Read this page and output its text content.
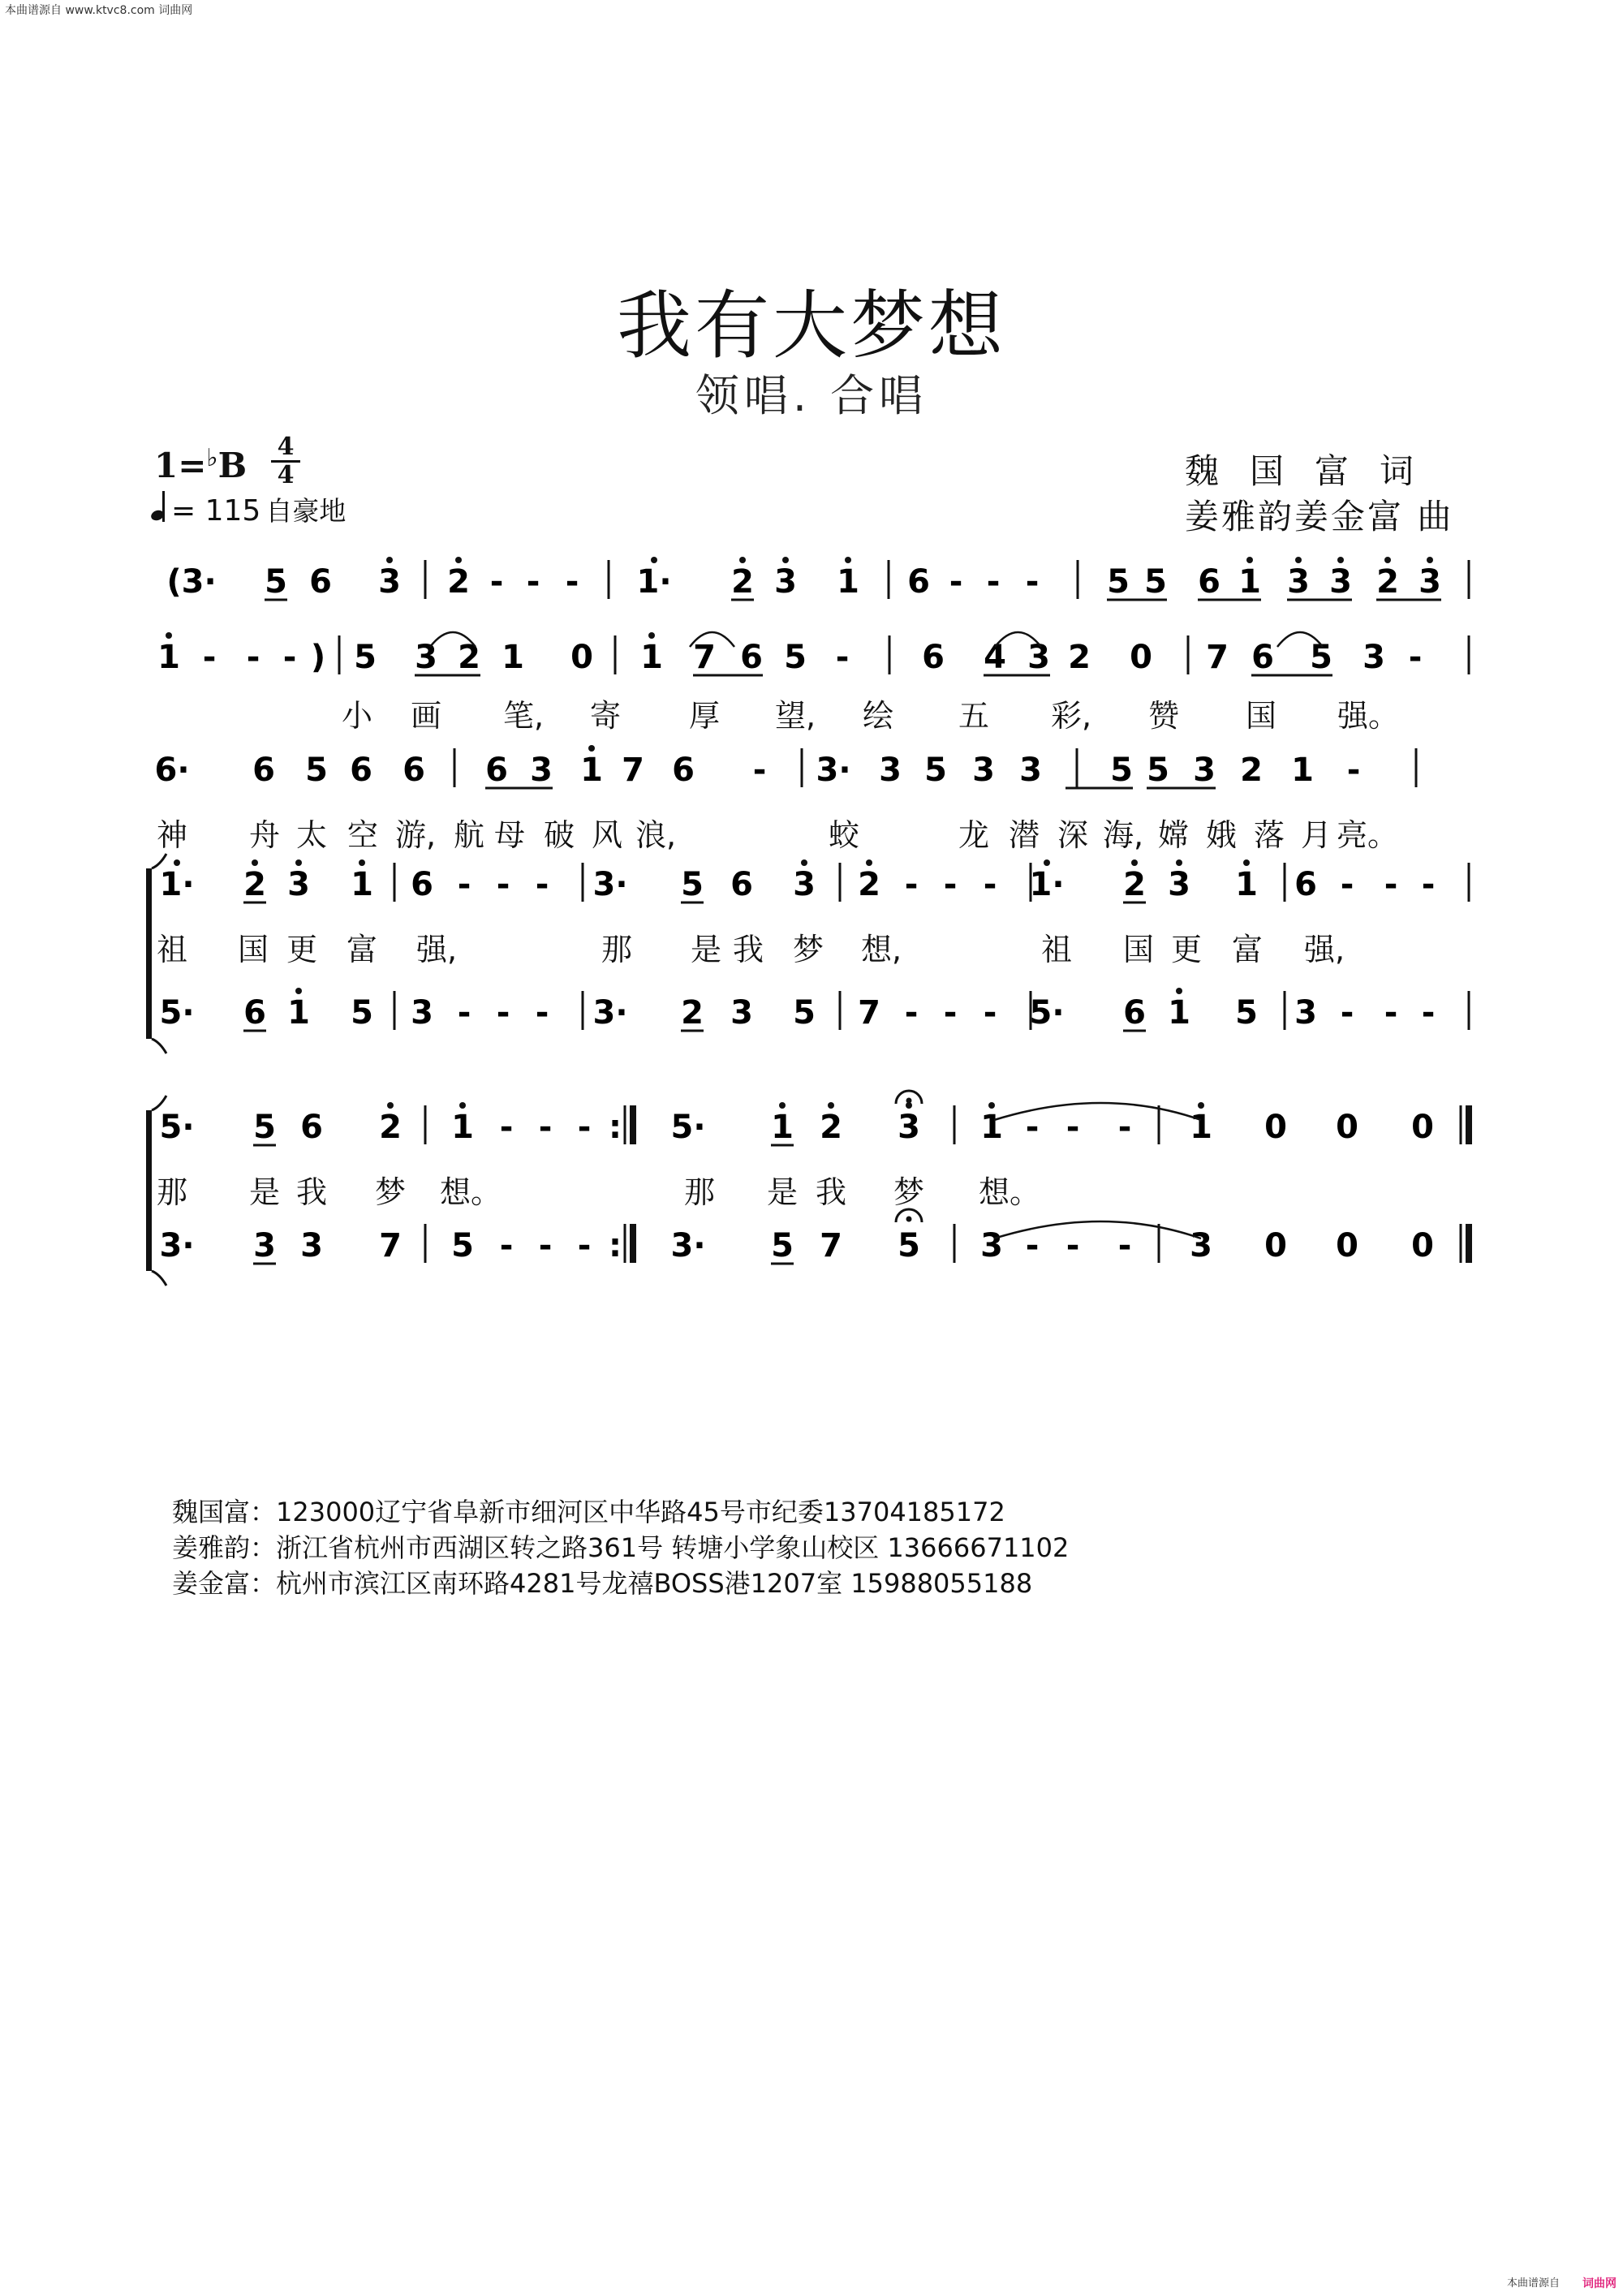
本曲谱源自 www.ktvc8.com 词曲网
我有大梦想
领唱. 合唱
1=♭B 4
4
= 115 自豪地
魏国富词
姜雅韵姜金富 曲
(3· 5 6 3 2 - - - 1· 2 3 1 6 - - - 5 5 6 1 3 3 2 3
1 - - - ) 5 3 2 1 0 1 7 6 5 - 6 4 3 2 0 7 6 5 3 -
6· 6 5 6 6 6 3 1 7 6 - 3· 3 5 3 3 5 5 3 2 1 -
1· 2 3 1 6 - - - 3· 5 6 3 2 - - - 1· 2 3 1 6 - - -
5· 6 1 5 3 - - - 3· 2 3 5 7 - - - 5· 6 1 5 3 - - -
5· 5 6 2 1 - - - : 5· 1 2 3 1 - - - 1 0 0 0
3· 3 3 7 5 - - - : 3· 5 7 5 3 - - - 3 0 0 0
小 画 笔, 寄 厚 望, 绘 五 彩, 赞 国 强。
神 舟 太 空 游, 航 母 破 风 浪,	蛟	龙 潜 深 海, 嫦 娥 落 月 亮。
祖 国 更 富 强,	那 是 我 梦 想,	祖 国 更 富 强,
那 是 我 梦 想。	那 是 我 梦 想。
魏国富：123000辽宁省阜新市细河区中华路45号市纪委13704185172
姜雅韵：浙江省杭州市西湖区转之路361号 转塘小学象山校区 13666671102
姜金富：杭州市滨江区南环路4281号龙禧BOSS港1207室 15988055188
本曲谱源自 词曲网
